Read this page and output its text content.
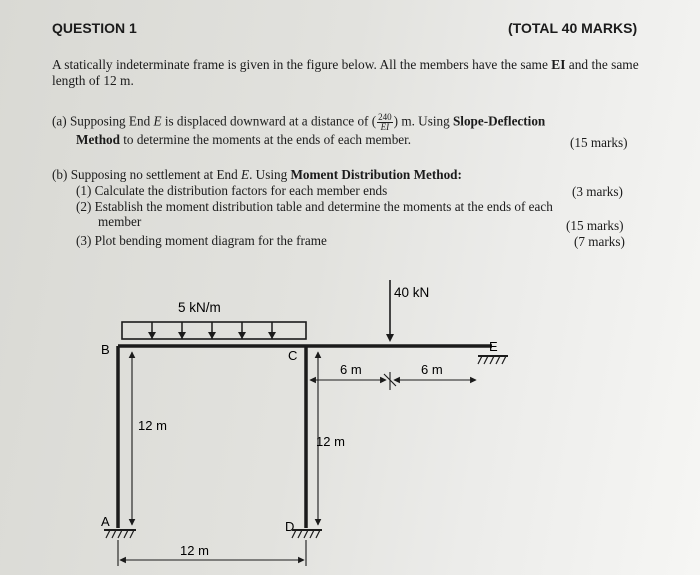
QUESTION 1	(TOTAL 40 MARKS)
A statically indeterminate frame is given in the figure below. All the members have the same EI and the same length of 12 m.
(a) Supposing End E is displaced downward at a distance of ( $\frac{240}{EI}$ ) m. Using Slope-Deflection
Method to determine the moments at the ends of each member.	(15 marks)
(b) Supposing no settlement at End E. Using Moment Distribution Method:
(1) Calculate the distribution factors for each member ends	(3 marks)
(2) Establish the moment distribution table and determine the moments at the ends of each
member	(15 marks)
(3) Plot bending moment diagram for the frame	(7 marks)
5 kN/m
40 kN
B	C
E
A	D
12 m
12 m
12 m
6 m	6 m
